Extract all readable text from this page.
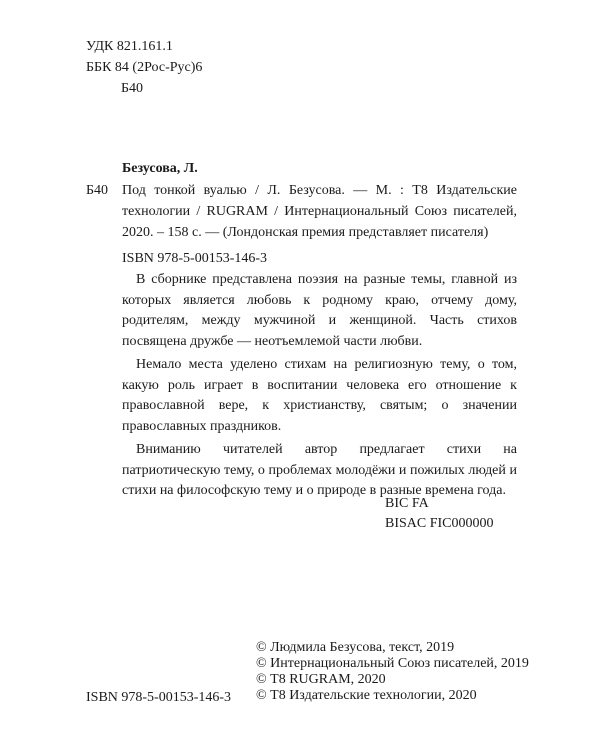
УДК 821.161.1
ББК 84 (2Рос-Рус)6
Б40
Безусова, Л.
Б40 Под тонкой вуалью / Л. Безусова. — М. : Т8 Издательские технологии / RUGRAM / Интернациональный Союз писателей, 2020. – 158 с. — (Лондонская премия представляет писателя)
ISBN 978-5-00153-146-3

В сборнике представлена поэзия на разные темы, главной из которых является любовь к родному краю, отчему дому, родителям, между мужчиной и женщиной. Часть стихов посвящена дружбе — неотъемлемой части любви.

Немало места уделено стихам на религиозную тему, о том, какую роль играет в воспитании человека его отношение к православной вере, к христианству, святым; о значении православных праздников.

Вниманию читателей автор предлагает стихи на патриотическую тему, о проблемах молодёжи и пожилых людей и стихи на философскую тему и о природе в разные времена года.

BIC FA
BISAC FIC000000
ISBN 978-5-00153-146-3
© Людмила Безусова, текст, 2019
© Интернациональный Союз писателей, 2019
© Т8 RUGRAM, 2020
© Т8 Издательские технологии, 2020
